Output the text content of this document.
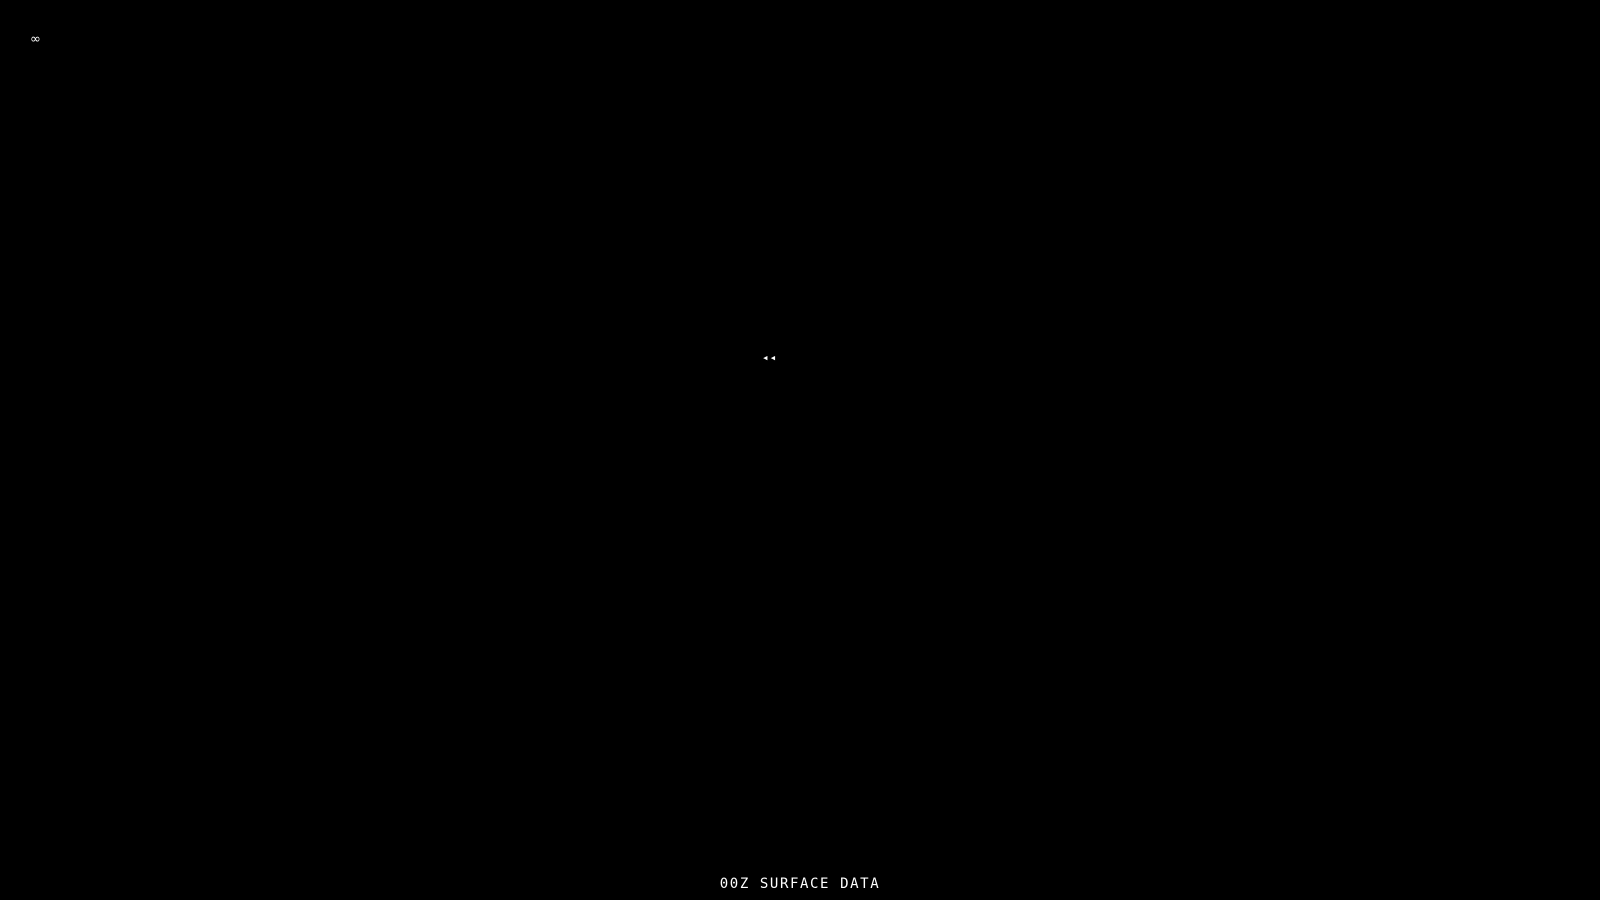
∞
◂◂
00Z SURFACE DATA
